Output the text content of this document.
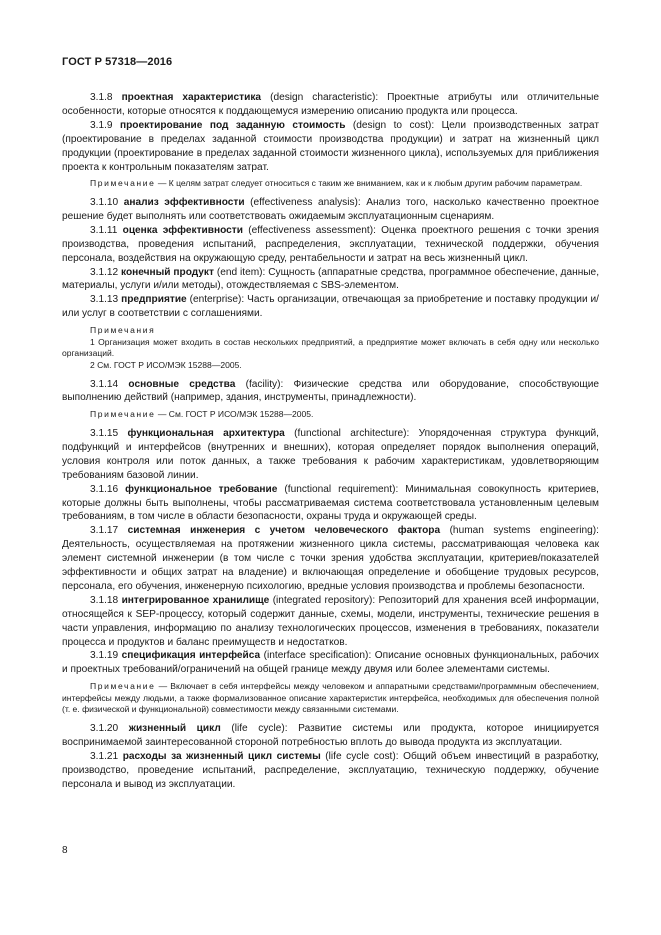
ГОСТ Р 57318—2016

3.1.8 проектная характеристика (design characteristic): Проектные атрибуты или отличительные особенности, которые относятся к поддающемуся измерению описанию продукта или процесса.

3.1.9 проектирование под заданную стоимость (design to cost): Цели производственных затрат (проектирование в пределах заданной стоимости производства продукции) и затрат на жизненный цикл продукции (проектирование в пределах заданной стоимости жизненного цикла), используемых для приближения проекта к контрольным показателям затрат.

Примечание — К целям затрат следует относиться с таким же вниманием, как и к любым другим рабочим параметрам.

3.1.10 анализ эффективности (effectiveness analysis): Анализ того, насколько качественно проектное решение будет выполнять или соответствовать ожидаемым эксплуатационным сценариям.

3.1.11 оценка эффективности (effectiveness assessment): Оценка проектного решения с точки зрения производства, проведения испытаний, распределения, эксплуатации, технической поддержки, обучения персонала, воздействия на окружающую среду, рентабельности и затрат на весь жизненный цикл.

3.1.12 конечный продукт (end item): Сущность (аппаратные средства, программное обеспечение, данные, материалы, услуги и/или методы), отождествляемая с SBS-элементом.

3.1.13 предприятие (enterprise): Часть организации, отвечающая за приобретение и поставку продукции и/или услуг в соответствии с соглашениями.

Примечания

1 Организация может входить в состав нескольких предприятий, а предприятие может включать в себя одну или несколько организаций.

2 См. ГОСТ Р ИСО/МЭК 15288—2005.

3.1.14 основные средства (facility): Физические средства или оборудование, способствующие выполнению действий (например, здания, инструменты, принадлежности).

Примечание — См. ГОСТ Р ИСО/МЭК 15288—2005.

3.1.15 функциональная архитектура (functional architecture): Упорядоченная структура функций, подфункций и интерфейсов (внутренних и внешних), которая определяет порядок выполнения операций, условия контроля или поток данных, а также требования к рабочим характеристикам, удовлетворяющим требованиям базовой линии.

3.1.16 функциональное требование (functional requirement): Минимальная совокупность критериев, которые должны быть выполнены, чтобы рассматриваемая система соответствовала установленным целевым требованиям, в том числе в области безопасности, охраны труда и окружающей среды.

3.1.17 системная инженерия с учетом человеческого фактора (human systems engineering): Деятельность, осуществляемая на протяжении жизненного цикла системы, рассматривающая человека как элемент системной инженерии (в том числе с точки зрения удобства эксплуатации, критериев/показателей эффективности и общих затрат на владение) и включающая определение и обобщение трудовых ресурсов, персонала, его обучения, инженерную психологию, вредные условия производства и проблемы безопасности.

3.1.18 интегрированное хранилище (integrated repository): Репозиторий для хранения всей информации, относящейся к SEP-процессу, который содержит данные, схемы, модели, инструменты, технические решения в части управления, информацию по анализу технологических процессов, изменения в требованиях, показатели процесса и продуктов и баланс преимуществ и недостатков.

3.1.19 спецификация интерфейса (interface specification): Описание основных функциональных, рабочих и проектных требований/ограничений на общей границе между двумя или более элементами системы.

Примечание — Включает в себя интерфейсы между человеком и аппаратными средствами/программным обеспечением, интерфейсы между людьми, а также формализованное описание характеристик интерфейса, необходимых для обеспечения полной (т. е. физической и функциональной) совместимости между связанными системами.

3.1.20 жизненный цикл (life cycle): Развитие системы или продукта, которое инициируется воспринимаемой заинтересованной стороной потребностью вплоть до вывода продукта из эксплуатации.

3.1.21 расходы за жизненный цикл системы (life cycle cost): Общий объем инвестиций в разработку, производство, проведение испытаний, распределение, эксплуатацию, техническую поддержку, обучение персонала и вывод из эксплуатации.

8
